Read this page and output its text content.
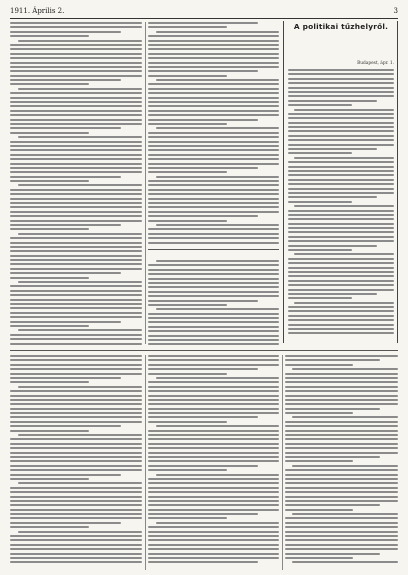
1911. Április 2.	3
A politikai tűzhelyről.
Budapest, ápr. 1.
